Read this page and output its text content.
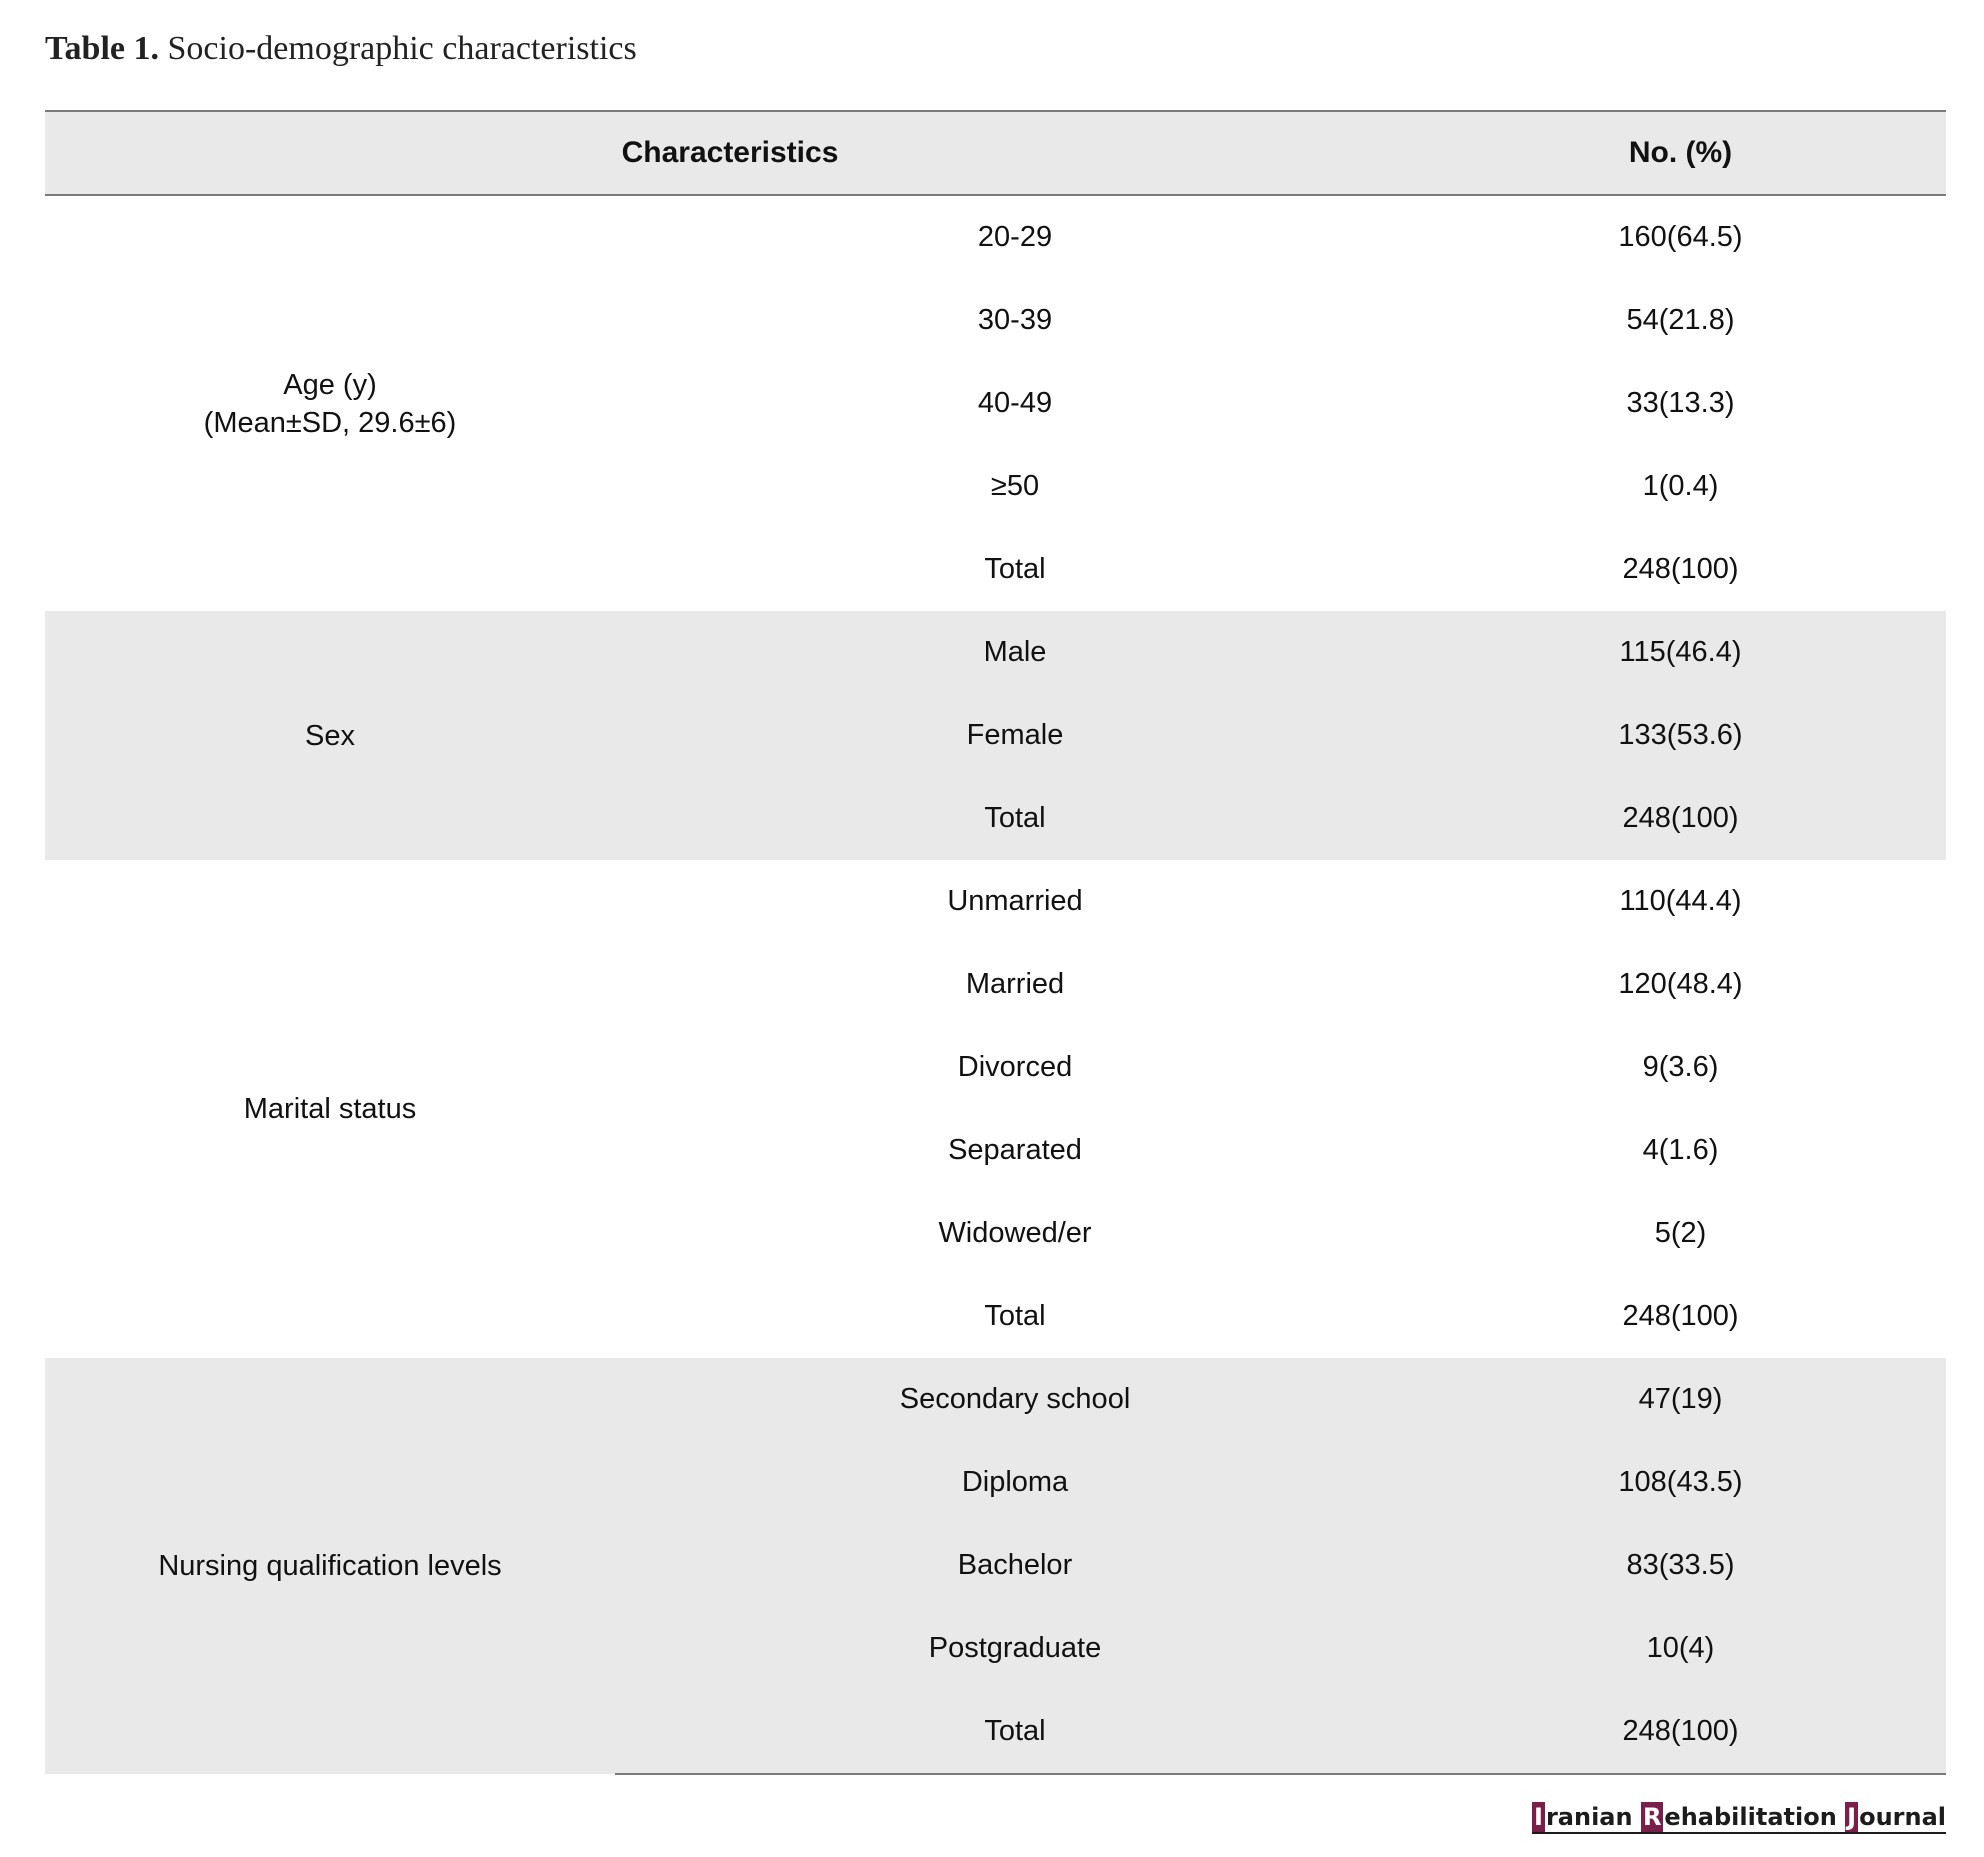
Table 1. Socio-demographic characteristics
Characteristics		No. (%)

Age (y)
(Mean±SD, 29.6±6)	20-29	160(64.5)
	30-39	54(21.8)
	40-49	33(13.3)
	≥50	1(0.4)
	Total	248(100)

Sex	Male	115(46.4)
	Female	133(53.6)
	Total	248(100)

Marital status	Unmarried	110(44.4)
	Married	120(48.4)
	Divorced	9(3.6)
	Separated	4(1.6)
	Widowed/er	5(2)
	Total	248(100)

Nursing qualification levels	Secondary school	47(19)
	Diploma	108(43.5)
	Bachelor	83(33.5)
	Postgraduate	10(4)
	Total	248(100)
I ranian R ehabilitation J ournal
